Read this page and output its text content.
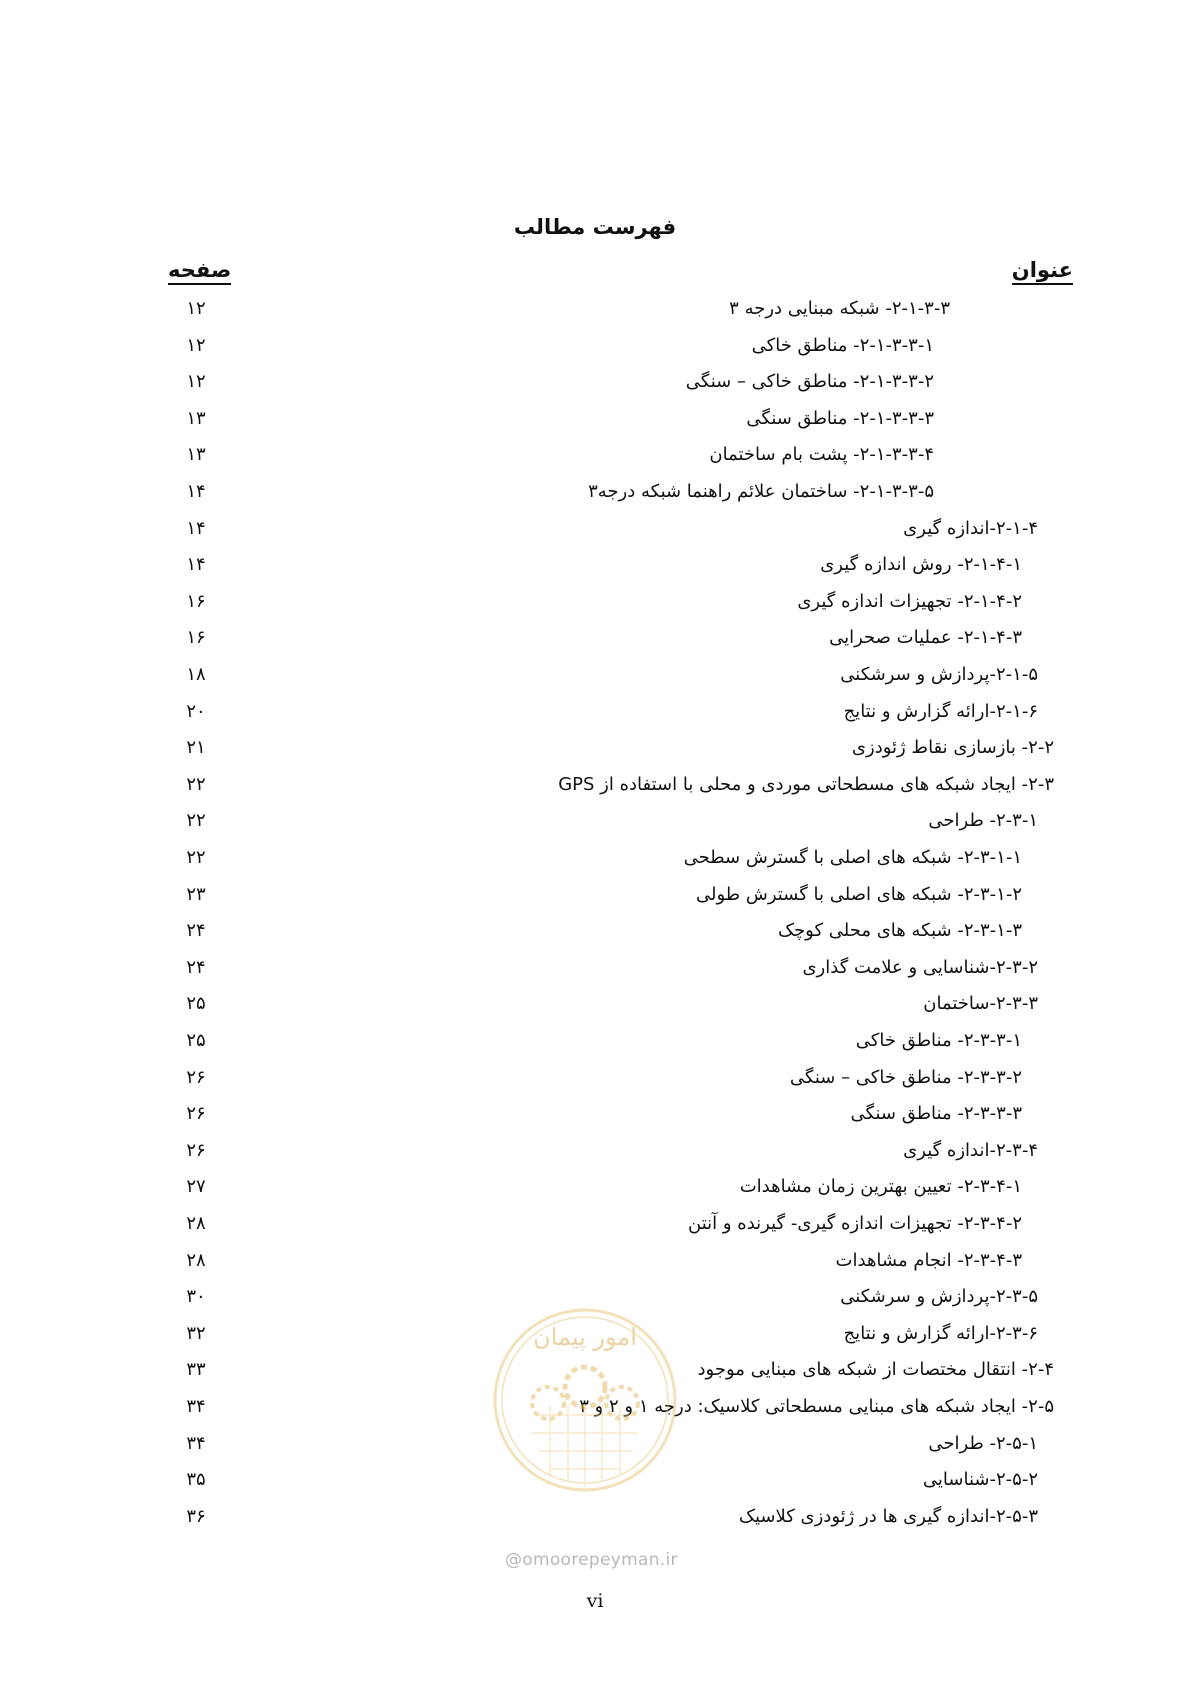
فهرست مطالب
عنوان
صفحه
۲-۱-۳-۳- شبکه مبنایی درجه ۳
۱۲
۲-۱-۳-۳-۱- مناطق خاکی
۱۲
۲-۱-۳-۳-۲- مناطق خاکی – سنگی
۱۲
۲-۱-۳-۳-۳- مناطق سنگی
۱۳
۲-۱-۳-۳-۴- پشت بام ساختمان
۱۳
۲-۱-۳-۳-۵- ساختمان علائم راهنما شبکه درجه۳
۱۴
۲-۱-۴-اندازه گیری
۱۴
۲-۱-۴-۱- روش اندازه گیری
۱۴
۲-۱-۴-۲- تجهیزات اندازه گیری
۱۶
۲-۱-۴-۳- عملیات صحرایی
۱۶
۲-۱-۵-پردازش و سرشکنی
۱۸
۲-۱-۶-ارائه گزارش و نتایج
۲۰
۲-۲- بازسازی نقاط ژئودزی
۲۱
۲-۳- ایجاد شبکه های مسطحاتی موردی و محلی با استفاده از GPS
۲۲
۲-۳-۱- طراحی
۲۲
۲-۳-۱-۱- شبکه های اصلی با گسترش سطحی
۲۲
۲-۳-۱-۲- شبکه های اصلی با گسترش طولی
۲۳
۲-۳-۱-۳- شبکه های محلی کوچک
۲۴
۲-۳-۲-شناسایی و علامت گذاری
۲۴
۲-۳-۳-ساختمان
۲۵
۲-۳-۳-۱- مناطق خاکی
۲۵
۲-۳-۳-۲- مناطق خاکی – سنگی
۲۶
۲-۳-۳-۳- مناطق سنگی
۲۶
۲-۳-۴-اندازه گیری
۲۶
۲-۳-۴-۱- تعیین بهترین زمان مشاهدات
۲۷
۲-۳-۴-۲- تجهیزات اندازه گیری- گیرنده و آنتن
۲۸
۲-۳-۴-۳- انجام مشاهدات
۲۸
۲-۳-۵-پردازش و سرشکنی
۳۰
۲-۳-۶-ارائه گزارش و نتایج
۳۲
۲-۴- انتقال مختصات از شبکه های مبنایی موجود
۳۳
۲-۵- ایجاد شبکه های مبنایی مسطحاتی کلاسیک: درجه ۱ و ۲ و ۳
۳۴
۲-۵-۱- طراحی
۳۴
۲-۵-۲-شناسایی
۳۵
۲-۵-۳-اندازه گیری ها در ژئودزی کلاسیک
۳۶
امور پیمان
@omoorepeyman.ir
vi
